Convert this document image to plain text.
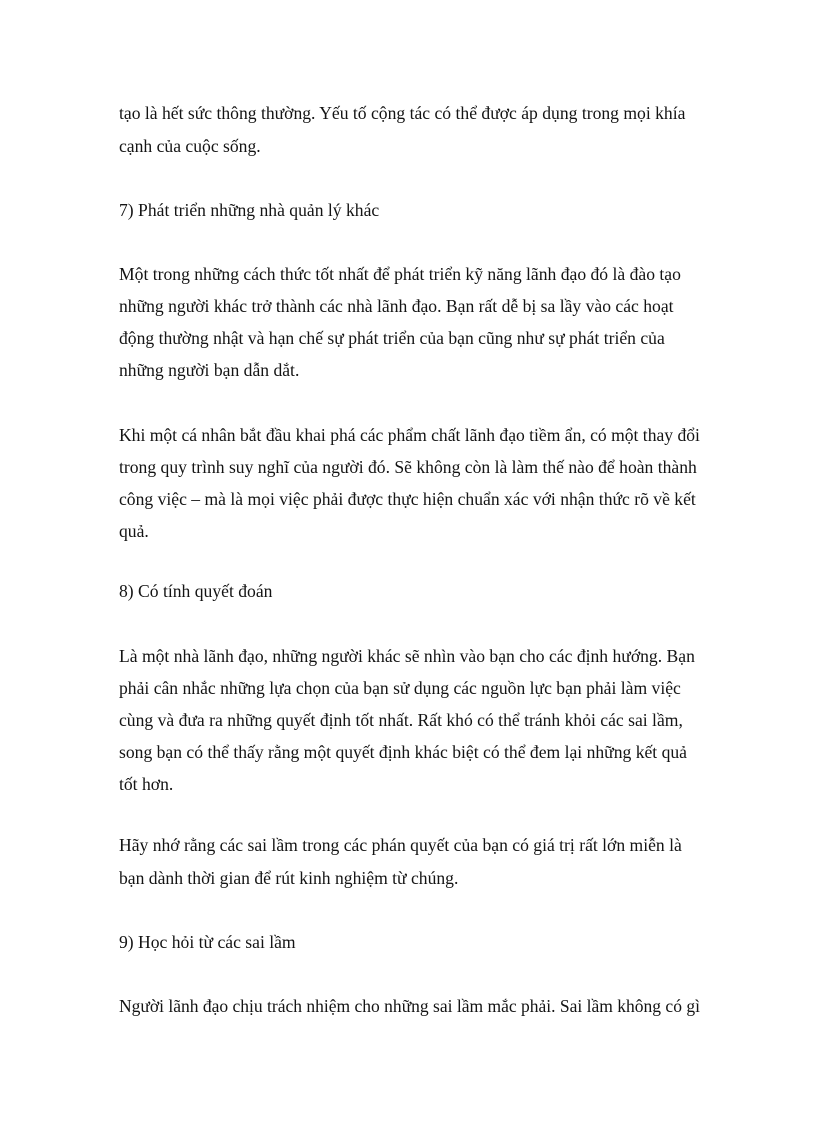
tạo là hết sức thông thường. Yếu tố cộng tác có thể được áp dụng trong mọi khía
cạnh của cuộc sống.
7) Phát triển những nhà quản lý khác
Một trong những cách thức tốt nhất để phát triển kỹ năng lãnh đạo đó là đào tạo
những người khác trở thành các nhà lãnh đạo. Bạn rất dễ bị sa lầy vào các hoạt
động thường nhật và hạn chế sự phát triển của bạn cũng như sự phát triển của
những người bạn dẫn dắt.
Khi một cá nhân bắt đầu khai phá các phẩm chất lãnh đạo tiềm ẩn, có một thay đổi
trong quy trình suy nghĩ của người đó. Sẽ không còn là làm thế nào để hoàn thành
công việc – mà là mọi việc phải được thực hiện chuẩn xác với nhận thức rõ về kết
quả.
8) Có tính quyết đoán
Là một nhà lãnh đạo, những người khác sẽ nhìn vào bạn cho các định hướng. Bạn
phải cân nhắc những lựa chọn của bạn sử dụng các nguồn lực bạn phải làm việc
cùng và đưa ra những quyết định tốt nhất. Rất khó có thể tránh khỏi các sai lầm,
song bạn có thể thấy rằng một quyết định khác biệt có thể đem lại những kết quả
tốt hơn.
Hãy nhớ rằng các sai lầm trong các phán quyết của bạn có giá trị rất lớn miễn là
bạn dành thời gian để rút kinh nghiệm từ chúng.
9) Học hỏi từ các sai lầm
Người lãnh đạo chịu trách nhiệm cho những sai lầm mắc phải. Sai lầm không có gì
